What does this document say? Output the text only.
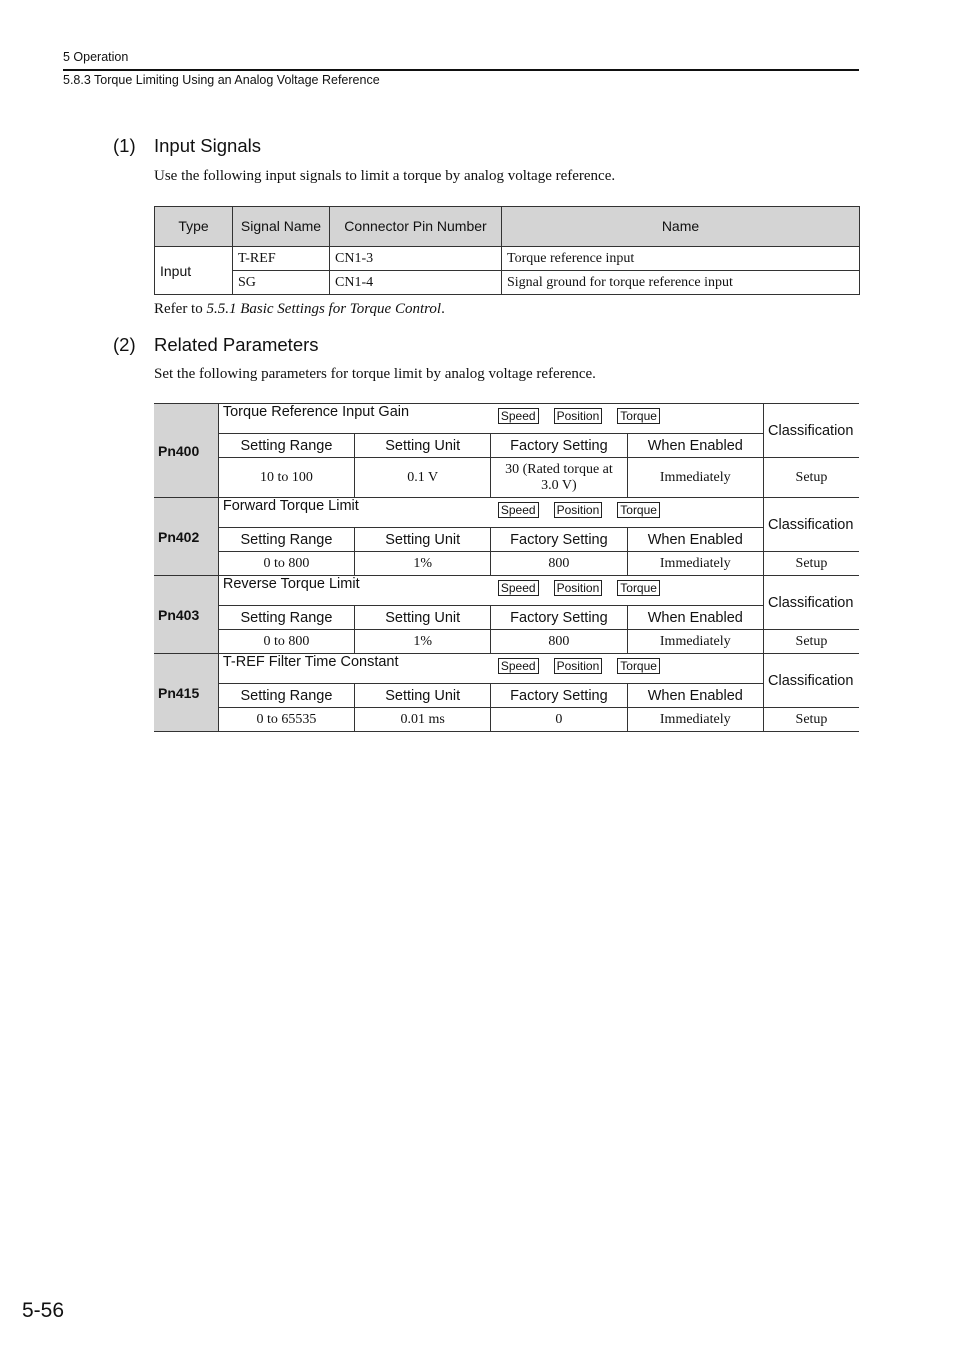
5 Operation
5.8.3 Torque Limiting Using an Analog Voltage Reference
(1) Input Signals
Use the following input signals to limit a torque by analog voltage reference.
Type	Signal Name	Connector Pin Number	Name
Input	T-REF	CN1-3	Torque reference input
	SG	CN1-4	Signal ground for torque reference input
Refer to 5.5.1 Basic Settings for Torque Control.
(2) Related Parameters
Set the following parameters for torque limit by analog voltage reference.
Pn400	Torque Reference Input Gain Speed Position Torque				Classification
	Setting Range	Setting Unit	Factory Setting	When Enabled	
	10 to 100	0.1 V	30 (Rated torque at 3.0 V)	Immediately	Setup
Pn402	Forward Torque Limit Speed Position Torque				Classification
	Setting Range	Setting Unit	Factory Setting	When Enabled	
	0 to 800	1%	800	Immediately	Setup
Pn403	Reverse Torque Limit Speed Position Torque				Classification
	Setting Range	Setting Unit	Factory Setting	When Enabled	
	0 to 800	1%	800	Immediately	Setup
Pn415	T-REF Filter Time Constant Speed Position Torque				Classification
	Setting Range	Setting Unit	Factory Setting	When Enabled	
	0 to 65535	0.01 ms	0	Immediately	Setup
5-56
